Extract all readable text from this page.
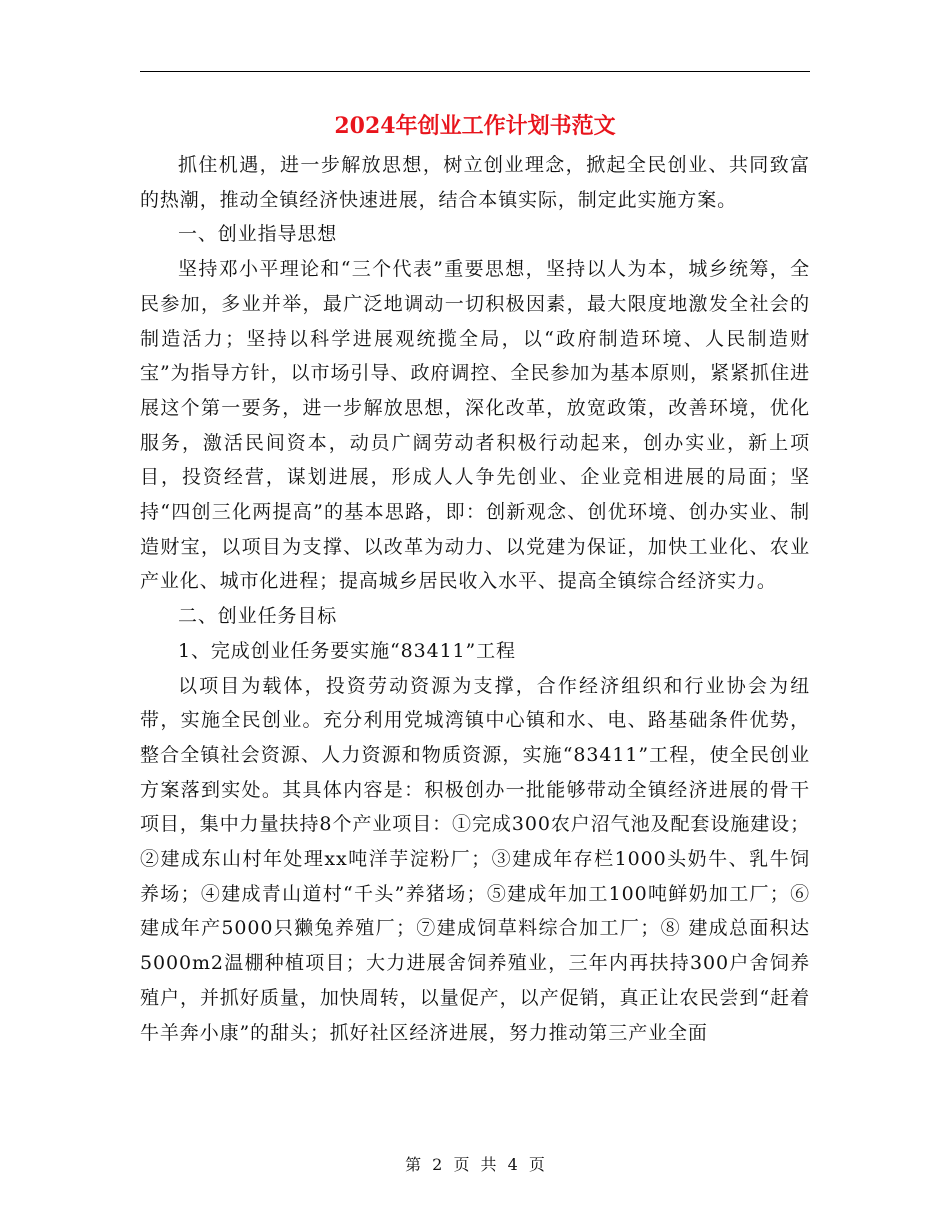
2024年创业工作计划书范文

抓住机遇，进一步解放思想，树立创业理念，掀起全民创业、共同致富的热潮，推动全镇经济快速进展，结合本镇实际，制定此实施方案。

一、创业指导思想

坚持邓小平理论和“三个代表”重要思想，坚持以人为本，城乡统筹，全民参加，多业并举，最广泛地调动一切积极因素，最大限度地激发全社会的制造活力；坚持以科学进展观统揽全局，以“政府制造环境、人民制造财宝”为指导方针，以市场引导、政府调控、全民参加为基本原则，紧紧抓住进展这个第一要务，进一步解放思想，深化改革，放宽政策，改善环境，优化服务，激活民间资本，动员广阔劳动者积极行动起来，创办实业，新上项目，投资经营，谋划进展，形成人人争先创业、企业竞相进展的局面；坚持“四创三化两提高”的基本思路，即：创新观念、创优环境、创办实业、制造财宝，以项目为支撑、以改革为动力、以党建为保证，加快工业化、农业产业化、城市化进程；提高城乡居民收入水平、提高全镇综合经济实力。

二、创业任务目标

1、完成创业任务要实施“83411”工程

以项目为载体，投资劳动资源为支撑，合作经济组织和行业协会为纽带，实施全民创业。充分利用党城湾镇中心镇和水、电、路基础条件优势，整合全镇社会资源、人力资源和物质资源，实施“83411”工程，使全民创业方案落到实处。其具体内容是：积极创办一批能够带动全镇经济进展的骨干项目，集中力量扶持8个产业项目：①完成300农户沼气池及配套设施建设；②建成东山村年处理xx吨洋芋淀粉厂；③建成年存栏1000头奶牛、乳牛饲养场；④建成青山道村“千头”养猪场；⑤建成年加工100吨鲜奶加工厂；⑥建成年产5000只獭兔养殖厂；⑦建成饲草料综合加工厂；⑧ 建成总面积达5000m2温棚种植项目；大力进展舍饲养殖业，三年内再扶持300户舍饲养殖户，并抓好质量，加快周转，以量促产，以产促销，真正让农民尝到“赶着牛羊奔小康”的甜头；抓好社区经济进展，努力推动第三产业全面

第 2 页 共 4 页
